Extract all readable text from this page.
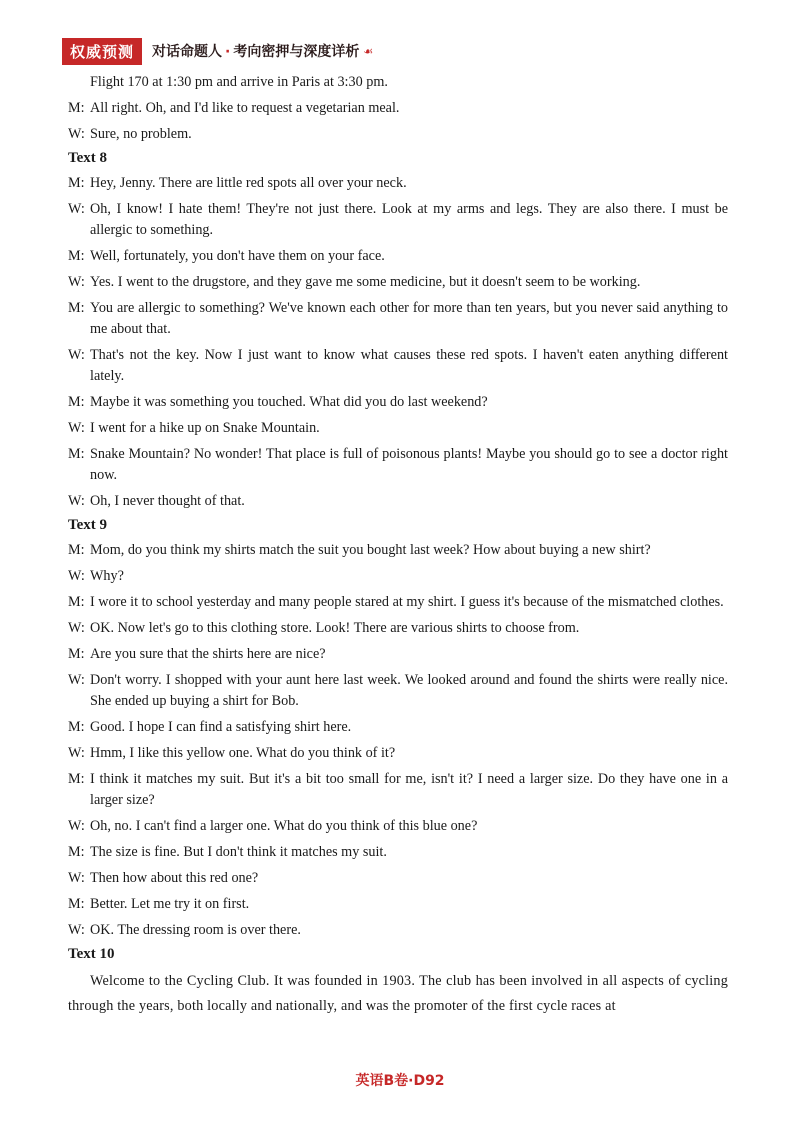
权威预测	对话命题人 · 考向密押与深度详析 ☙
Flight 170 at 1:30 pm and arrive in Paris at 3:30 pm.
M: All right. Oh, and I'd like to request a vegetarian meal.
W: Sure, no problem.
Text 8
M: Hey, Jenny. There are little red spots all over your neck.
W: Oh, I know! I hate them! They're not just there. Look at my arms and legs. They are also there. I must be allergic to something.
M: Well, fortunately, you don't have them on your face.
W: Yes. I went to the drugstore, and they gave me some medicine, but it doesn't seem to be working.
M: You are allergic to something? We've known each other for more than ten years, but you never said anything to me about that.
W: That's not the key. Now I just want to know what causes these red spots. I haven't eaten anything different lately.
M: Maybe it was something you touched. What did you do last weekend?
W: I went for a hike up on Snake Mountain.
M: Snake Mountain? No wonder! That place is full of poisonous plants! Maybe you should go to see a doctor right now.
W: Oh, I never thought of that.
Text 9
M: Mom, do you think my shirts match the suit you bought last week? How about buying a new shirt?
W: Why?
M: I wore it to school yesterday and many people stared at my shirt. I guess it's because of the mismatched clothes.
W: OK. Now let's go to this clothing store. Look! There are various shirts to choose from.
M: Are you sure that the shirts here are nice?
W: Don't worry. I shopped with your aunt here last week. We looked around and found the shirts were really nice. She ended up buying a shirt for Bob.
M: Good. I hope I can find a satisfying shirt here.
W: Hmm, I like this yellow one. What do you think of it?
M: I think it matches my suit. But it's a bit too small for me, isn't it? I need a larger size. Do they have one in a larger size?
W: Oh, no. I can't find a larger one. What do you think of this blue one?
M: The size is fine. But I don't think it matches my suit.
W: Then how about this red one?
M: Better. Let me try it on first.
W: OK. The dressing room is over there.
Text 10
Welcome to the Cycling Club. It was founded in 1903. The club has been involved in all aspects of cycling through the years, both locally and nationally, and was the promoter of the first cycle races at
英语B卷·D92
